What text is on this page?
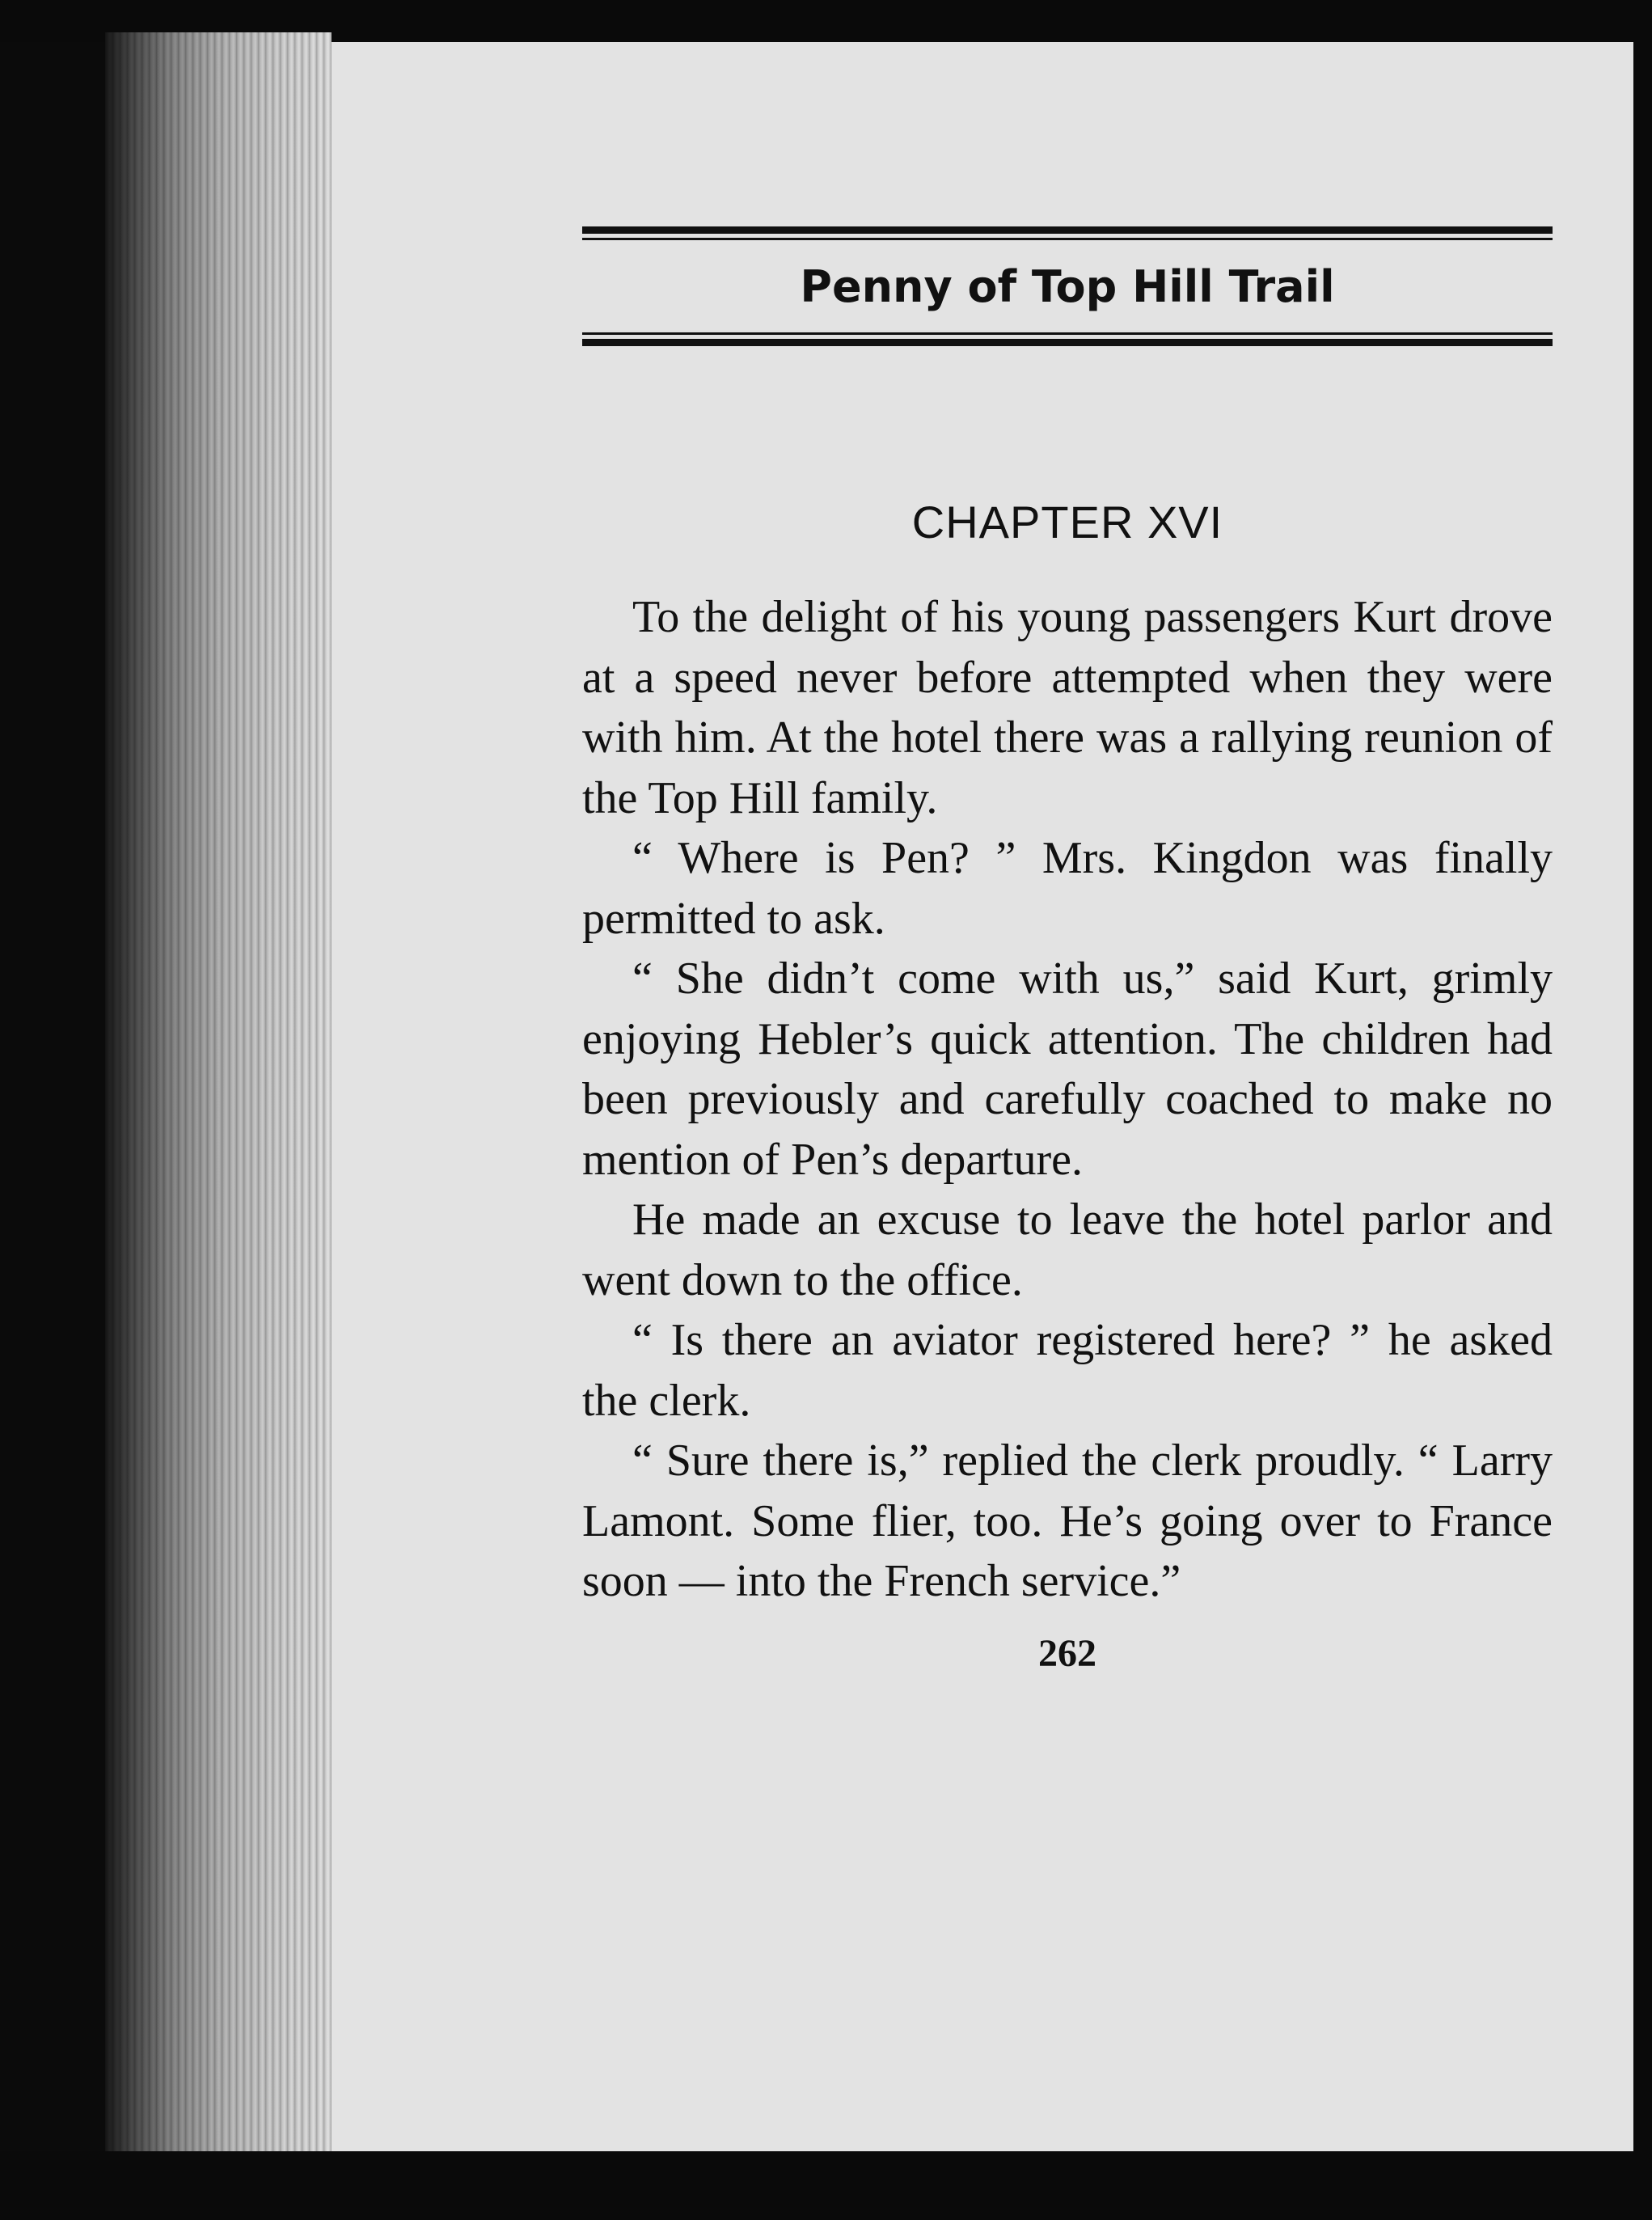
Penny of Top Hill Trail
CHAPTER XVI

To the delight of his young passengers Kurt drove at a speed never before attempted when they were with him. At the hotel there was a rallying reunion of the Top Hill family.

“ Where is Pen? ” Mrs. Kingdon was finally permitted to ask.

“ She didn’t come with us,” said Kurt, grimly enjoying Hebler’s quick attention. The children had been previously and carefully coached to make no mention of Pen’s departure.

He made an excuse to leave the hotel parlor and went down to the office.

“ Is there an aviator registered here? ” he asked the clerk.

“ Sure there is,” replied the clerk proudly. “ Larry Lamont. Some flier, too. He’s going over to France soon — into the French service.”

262
